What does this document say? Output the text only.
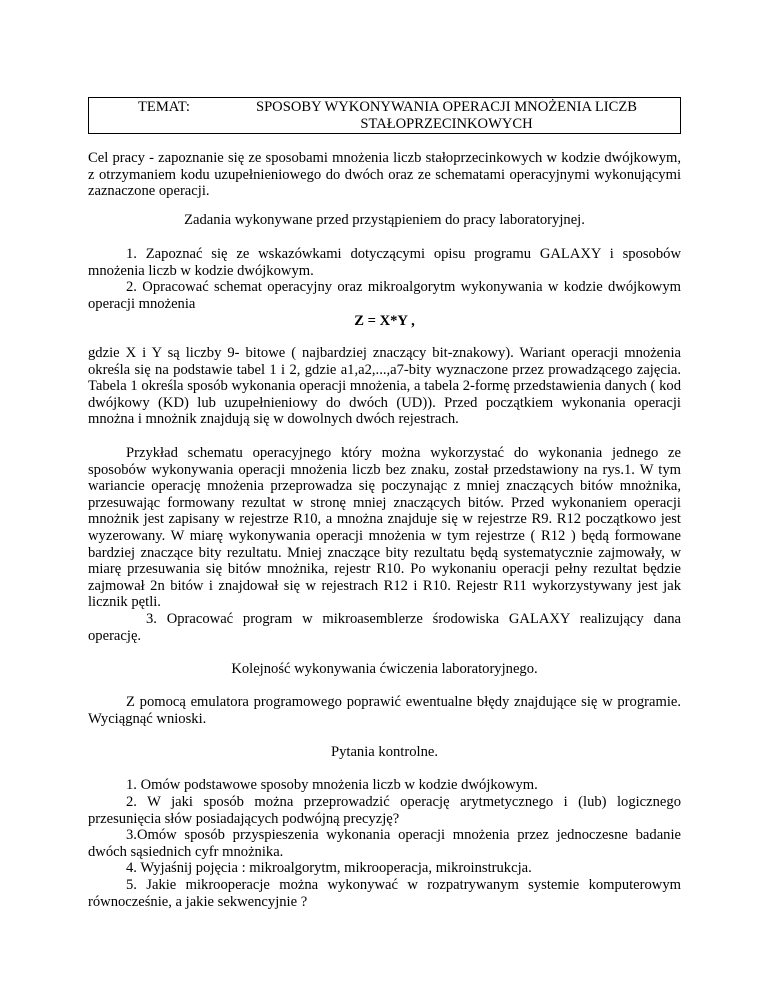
TEMAT:	SPOSOBY WYKONYWANIA OPERACJI MNOŻENIA LICZB STAŁOPRZECINKOWYCH

Cel pracy - zapoznanie się ze sposobami mnożenia liczb stałoprzecinkowych w kodzie dwójkowym, z otrzymaniem kodu uzupełnieniowego do dwóch oraz ze schematami operacyjnymi wykonującymi zaznaczone operacji.

Zadania wykonywane przed przystąpieniem do pracy laboratoryjnej.

1. Zapoznać się ze wskazówkami dotyczącymi opisu programu GALAXY i sposobów mnożenia liczb w kodzie dwójkowym.

2. Opracować schemat operacyjny oraz mikroalgorytm wykonywania w kodzie dwójkowym operacji mnożenia

Z = X*Y ,

gdzie X i Y są liczby 9- bitowe ( najbardziej znaczący bit-znakowy). Wariant operacji mnożenia określa się na podstawie tabel 1 i 2, gdzie a1,a2,...,a7-bity wyznaczone przez prowadzącego zajęcia. Tabela 1 określa sposób wykonania operacji mnożenia, a tabela 2-formę przedstawienia danych ( kod dwójkowy (KD) lub uzupełnieniowy do dwóch (UD)). Przed początkiem wykonania operacji mnożna i mnożnik znajdują się w dowolnych dwóch rejestrach.

Przykład schematu operacyjnego który można wykorzystać do wykonania jednego ze sposobów wykonywania operacji mnożenia liczb bez znaku, został przedstawiony na rys.1. W tym wariancie operację mnożenia przeprowadza się poczynając z mniej znaczących bitów mnożnika, przesuwając formowany rezultat w stronę mniej znaczących bitów. Przed wykonaniem operacji mnożnik jest zapisany w rejestrze R10, a mnożna znajduje się w rejestrze R9. R12 początkowo jest wyzerowany. W miarę wykonywania operacji mnożenia w tym rejestrze ( R12 ) będą formowane bardziej znaczące bity rezultatu. Mniej znaczące bity rezultatu będą systematycznie zajmowały, w miarę przesuwania się bitów mnożnika, rejestr R10. Po wykonaniu operacji pełny rezultat będzie zajmował 2n bitów i znajdował się w rejestrach R12 i R10. Rejestr R11 wykorzystywany jest jak licznik pętli.

3. Opracować program w mikroasemblerze środowiska GALAXY realizujący dana operację.

Kolejność wykonywania ćwiczenia laboratoryjnego.

Z pomocą emulatora programowego poprawić ewentualne błędy znajdujące się w programie. Wyciągnąć wnioski.

Pytania kontrolne.

1. Omów podstawowe sposoby mnożenia liczb w kodzie dwójkowym.

2. W jaki sposób można przeprowadzić operację arytmetycznego i (lub) logicznego przesunięcia słów posiadających podwójną precyzję?

3.Omów sposób przyspieszenia wykonania operacji mnożenia przez jednoczesne badanie dwóch sąsiednich cyfr mnożnika.

4. Wyjaśnij pojęcia : mikroalgorytm, mikrooperacja, mikroinstrukcja.

5. Jakie mikrooperacje można wykonywać w rozpatrywanym systemie komputerowym równocześnie, a jakie sekwencyjnie ?
